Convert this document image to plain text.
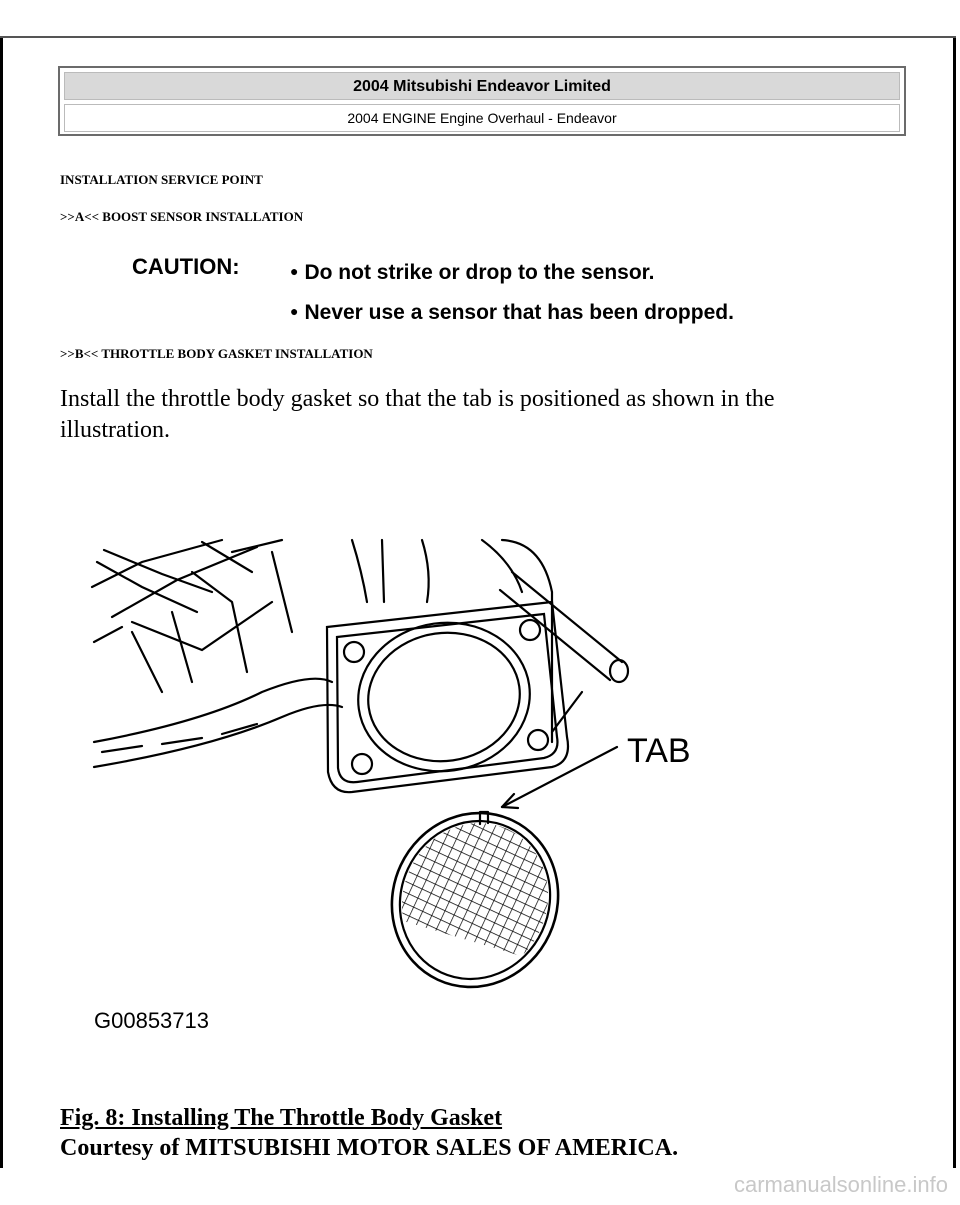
2004 Mitsubishi Endeavor Limited
2004 ENGINE Engine Overhaul - Endeavor
INSTALLATION SERVICE POINT
>>A<< BOOST SENSOR INSTALLATION
CAUTION:	● Do not strike or drop to the sensor.
● Never use a sensor that has been dropped.
>>B<< THROTTLE BODY GASKET INSTALLATION
Install the throttle body gasket so that the tab is positioned as shown in the illustration.
TAB
G00853713
Fig. 8: Installing The Throttle Body Gasket
Courtesy of MITSUBISHI MOTOR SALES OF AMERICA.
carmanualsonline.info
